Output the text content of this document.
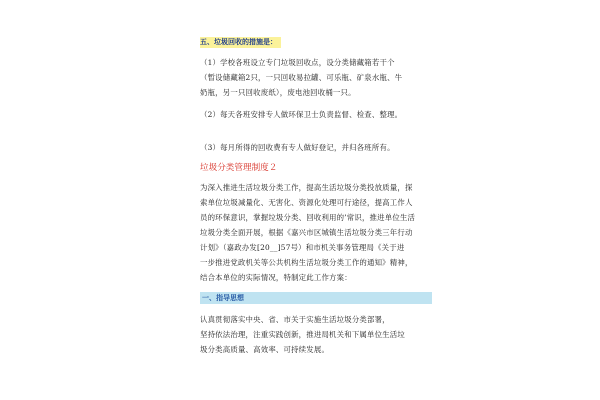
五、垃圾回收的措施是：
（1）学校各班设立专门垃圾回收点，设分类储藏箱若干个
（暂设储藏箱2只，一只回收易拉罐、可乐瓶、矿泉水瓶、牛
奶瓶，另一只回收废纸），废电池回收桶一只。
（2）每天各班安排专人做环保卫士负责监督、检查、整理。
（3）每月所得的回收费有专人做好登记，并归各班所有。
垃圾分类管理制度２
为深入推进生活垃圾分类工作，提高生活垃圾分类投放质量，探
索单位垃圾减量化、无害化、资源化处理可行途径，提高工作人
员的环保意识，掌握垃圾分类、回收利用的’常识，推进单位生活
垃圾分类全面开展，根据《嘉兴市区城镇生活垃圾分类三年行动
计划》（嘉政办发[20__]57号）和市机关事务管理局《关于进
一步推进党政机关等公共机构生活垃圾分类工作的通知》精神，
结合本单位的实际情况，特制定此工作方案：
一、指导思想
认真贯彻落实中央、省、市关于实施生活垃圾分类部署，
坚持依法治理，注重实践创新，推进局机关和下属单位生活垃
圾分类高质量、高效率、可持续发展。
